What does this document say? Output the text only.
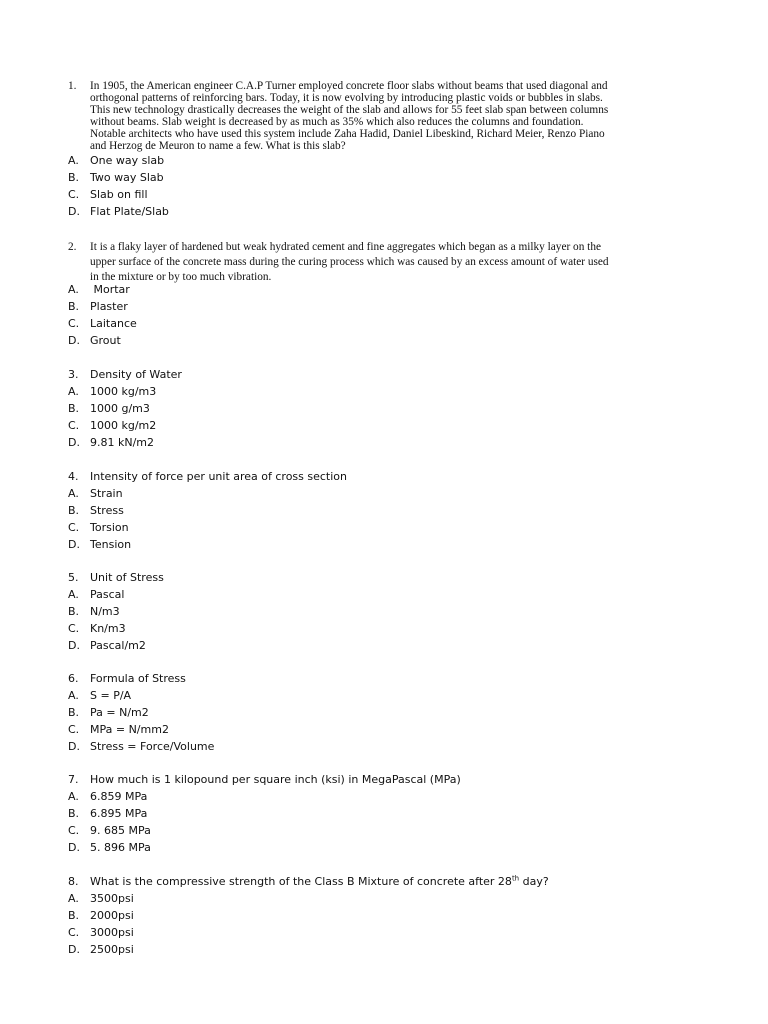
1. In 1905, the American engineer C.A.P Turner employed concrete floor slabs without beams that used diagonal and
orthogonal patterns of reinforcing bars. Today, it is now evolving by introducing plastic voids or bubbles in slabs.
This new technology drastically decreases the weight of the slab and allows for 55 feet slab span between columns
without beams. Slab weight is decreased by as much as 35% which also reduces the columns and foundation.
Notable architects who have used this system include Zaha Hadid, Daniel Libeskind, Richard Meier, Renzo Piano
and Herzog de Meuron to name a few. What is this slab?
A. One way slab
B. Two way Slab
C. Slab on fill
D. Flat Plate/Slab
2. It is a flaky layer of hardened but weak hydrated cement and fine aggregates which began as a milky layer on the
upper surface of the concrete mass during the curing process which was caused by an excess amount of water used
in the mixture or by too much vibration.
A. Mortar
B. Plaster
C. Laitance
D. Grout
3. Density of Water
A. 1000 kg/m3
B. 1000 g/m3
C. 1000 kg/m2
D. 9.81 kN/m2
4. Intensity of force per unit area of cross section
A. Strain
B. Stress
C. Torsion
D. Tension
5. Unit of Stress
A. Pascal
B. N/m3
C. Kn/m3
D. Pascal/m2
6. Formula of Stress
A. S = P/A
B. Pa = N/m2
C. MPa = N/mm2
D. Stress = Force/Volume
7. How much is 1 kilopound per square inch (ksi) in MegaPascal (MPa)
A. 6.859 MPa
B. 6.895 MPa
C. 9. 685 MPa
D. 5. 896 MPa
8. What is the compressive strength of the Class B Mixture of concrete after 28th day?
A. 3500psi
B. 2000psi
C. 3000psi
D. 2500psi
